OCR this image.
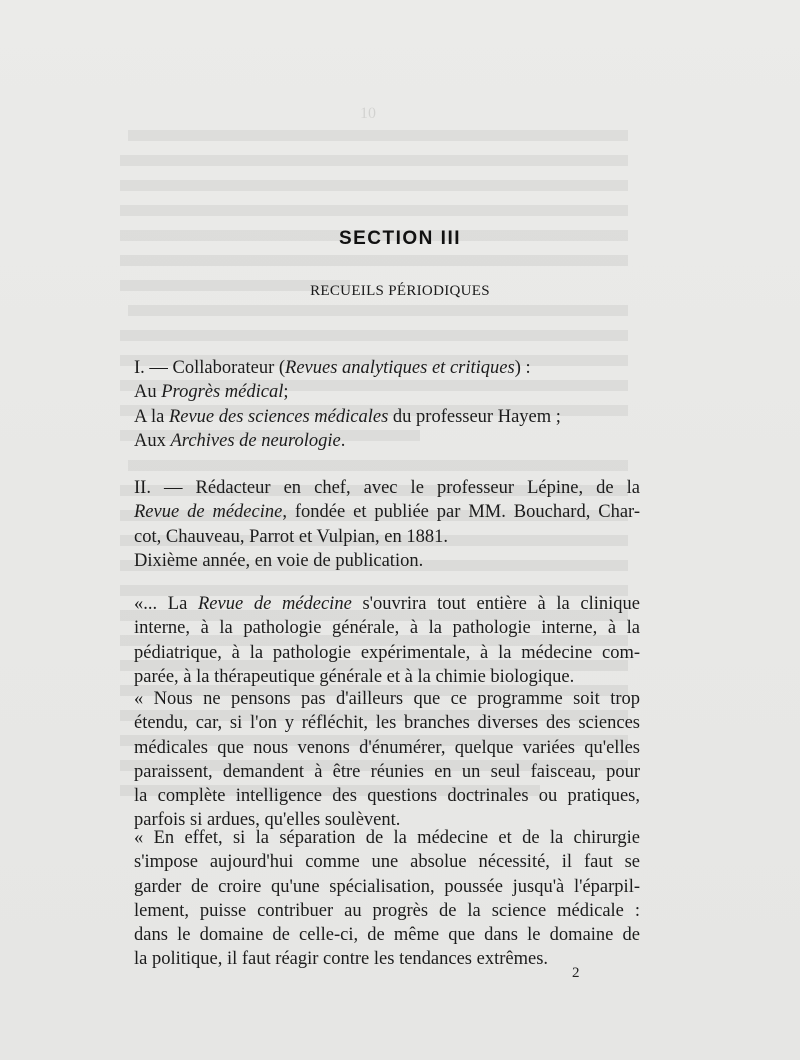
10
SECTION III
RECUEILS PÉRIODIQUES
I. — Collaborateur (Revues analytiques et critiques) :
Au Progrès médical;
A la Revue des sciences médicales du professeur Hayem ;
Aux Archives de neurologie.
II. — Rédacteur en chef, avec le professeur Lépine, de la
Revue de médecine, fondée et publiée par MM. Bouchard, Char-
cot, Chauveau, Parrot et Vulpian, en 1881.
Dixième année, en voie de publication.
«... La Revue de médecine s'ouvrira tout entière à la clinique
interne, à la pathologie générale, à la pathologie interne, à la
pédiatrique, à la pathologie expérimentale, à la médecine com-
parée, à la thérapeutique générale et à la chimie biologique.
« Nous ne pensons pas d'ailleurs que ce programme soit trop
étendu, car, si l'on y réfléchit, les branches diverses des sciences
médicales que nous venons d'énumérer, quelque variées qu'elles
paraissent, demandent à être réunies en un seul faisceau, pour
la complète intelligence des questions doctrinales ou pratiques,
parfois si ardues, qu'elles soulèvent.
« En effet, si la séparation de la médecine et de la chirurgie
s'impose aujourd'hui comme une absolue nécessité, il faut se
garder de croire qu'une spécialisation, poussée jusqu'à l'éparpil-
lement, puisse contribuer au progrès de la science médicale :
dans le domaine de celle-ci, de même que dans le domaine de
la politique, il faut réagir contre les tendances extrêmes.
2
